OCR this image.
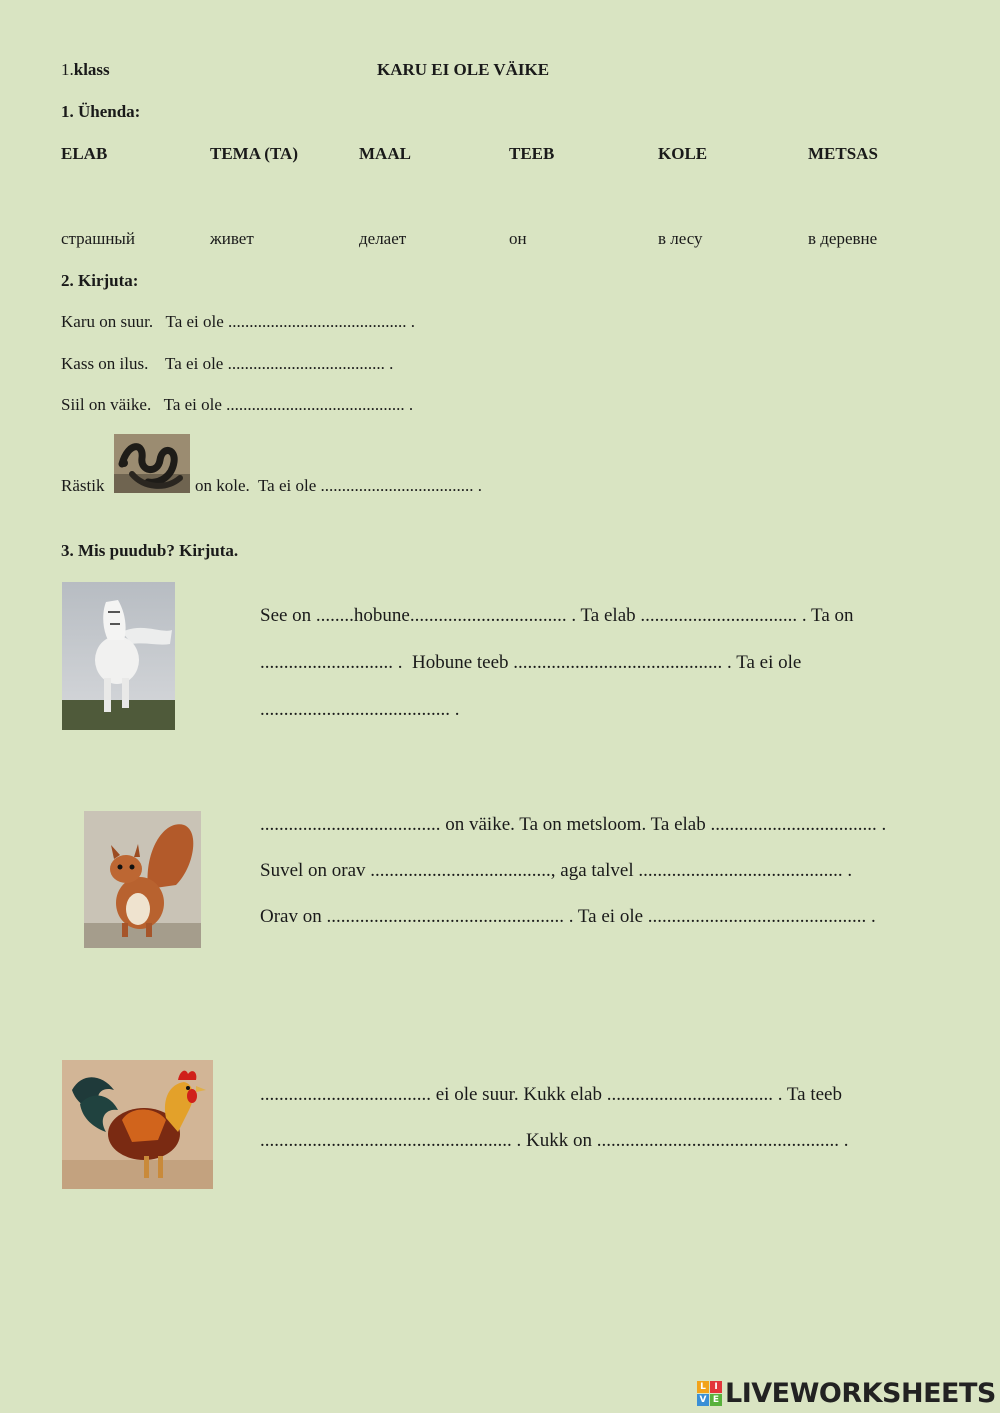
1.klass	KARU EI OLE VÄIKE
1. Ühenda:
ELAB	TEMA (TA)	MAAL	TEEB	KOLE	METSAS
страшный	живет	делает	он	в лесу	в деревне
2. Kirjuta:
Karu on suur.   Ta ei ole .......................................... .
Kass on ilus.    Ta ei ole ..................................... .
Siil on väike.   Ta ei ole .......................................... .
Rästik	on kole.  Ta ei ole .................................... .
3. Mis puudub? Kirjuta.
See on ........hobune................................. . Ta elab ................................. . Ta on
............................ .  Hobune teeb ............................................ . Ta ei ole
........................................ .
...................................... on väike. Ta on metsloom. Ta elab ................................... .
Suvel on orav ......................................, aga talvel ........................................... .
Orav on .................................................. . Ta ei ole .............................................. .
.................................... ei ole suur. Kukk elab ................................... . Ta teeb
..................................................... . Kukk on ................................................... .
L I
V E LIVEWORKSHEETS
